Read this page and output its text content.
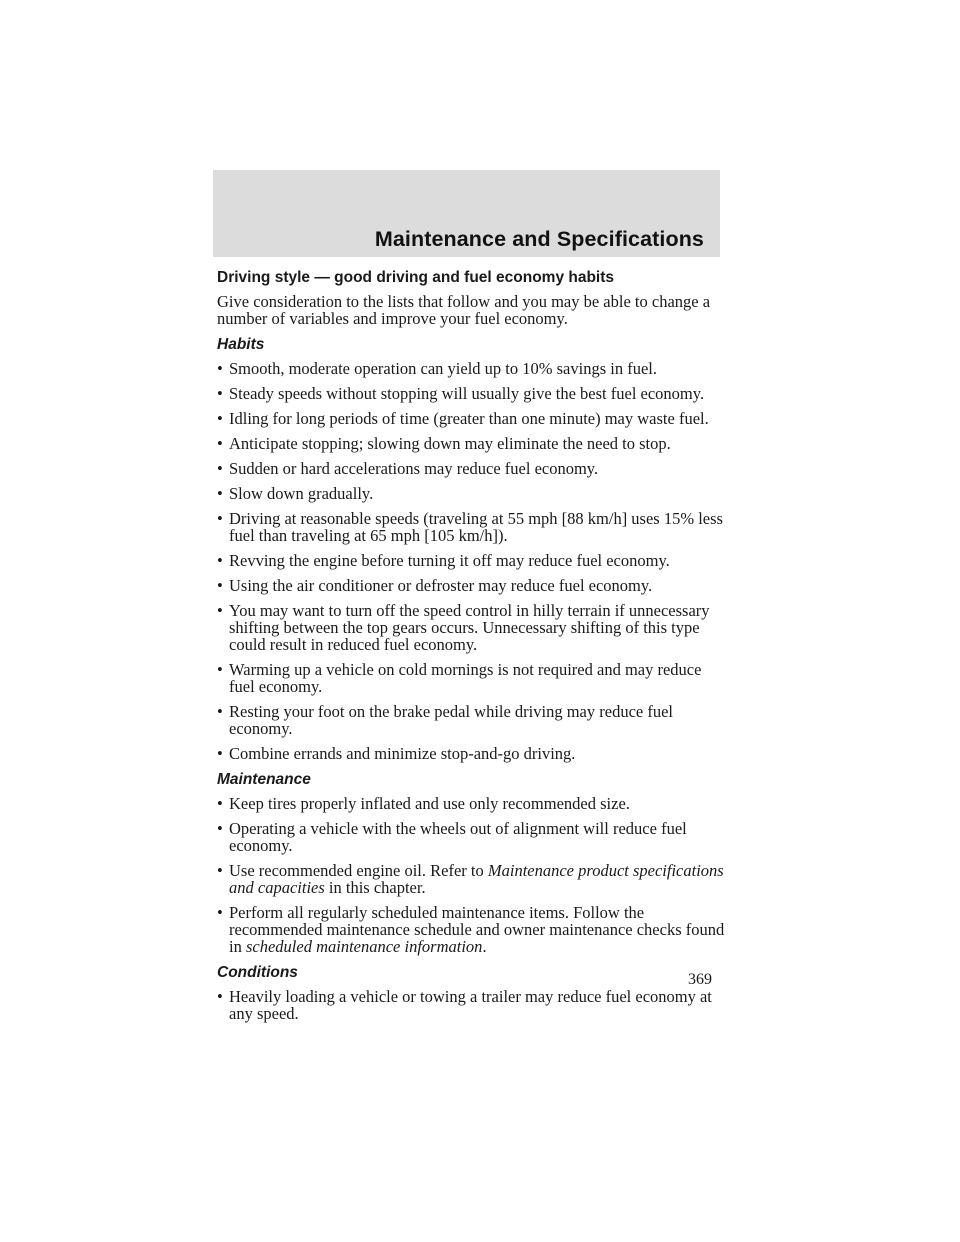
Maintenance and Specifications
Driving style — good driving and fuel economy habits

Give consideration to the lists that follow and you may be able to change a number of variables and improve your fuel economy.

Habits
• Smooth, moderate operation can yield up to 10% savings in fuel.
• Steady speeds without stopping will usually give the best fuel economy.
• Idling for long periods of time (greater than one minute) may waste fuel.
• Anticipate stopping; slowing down may eliminate the need to stop.
• Sudden or hard accelerations may reduce fuel economy.
• Slow down gradually.
• Driving at reasonable speeds (traveling at 55 mph [88 km/h] uses 15% less fuel than traveling at 65 mph [105 km/h]).
• Revving the engine before turning it off may reduce fuel economy.
• Using the air conditioner or defroster may reduce fuel economy.
• You may want to turn off the speed control in hilly terrain if unnecessary shifting between the top gears occurs. Unnecessary shifting of this type could result in reduced fuel economy.
• Warming up a vehicle on cold mornings is not required and may reduce fuel economy.
• Resting your foot on the brake pedal while driving may reduce fuel economy.
• Combine errands and minimize stop-and-go driving.
Maintenance
• Keep tires properly inflated and use only recommended size.
• Operating a vehicle with the wheels out of alignment will reduce fuel economy.
• Use recommended engine oil. Refer to Maintenance product specifications and capacities in this chapter.
• Perform all regularly scheduled maintenance items. Follow the recommended maintenance schedule and owner maintenance checks found in scheduled maintenance information.
Conditions
• Heavily loading a vehicle or towing a trailer may reduce fuel economy at any speed.
369
